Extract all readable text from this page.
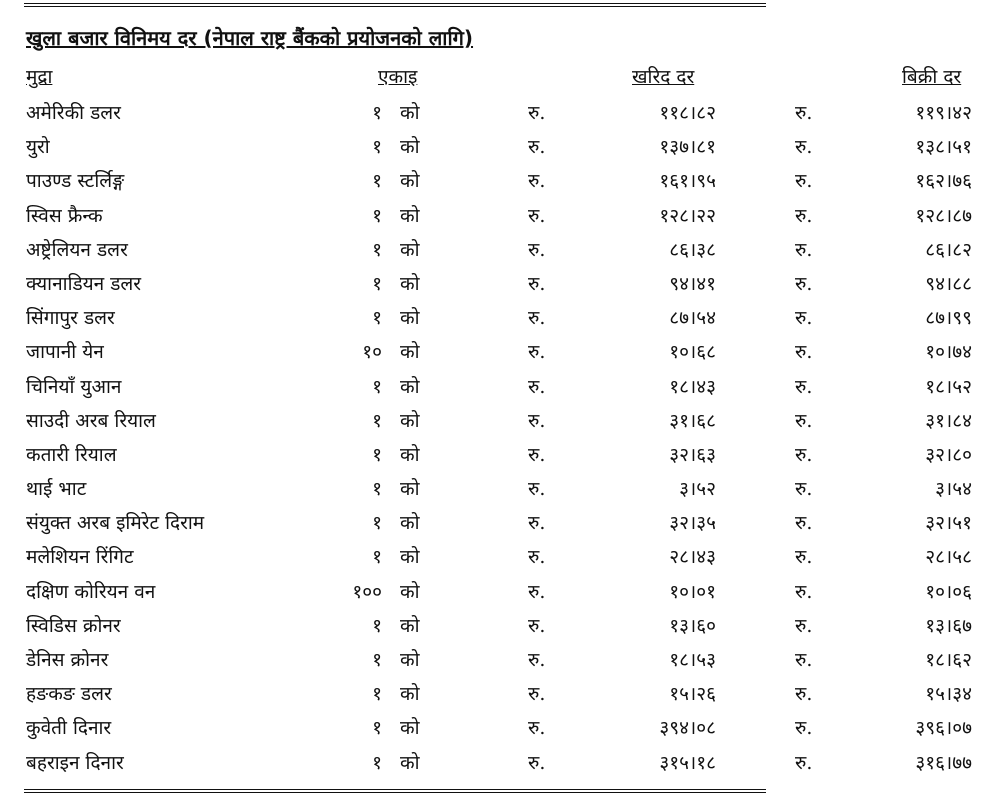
खुला बजार विनिमय दर (नेपाल राष्ट्र बैंकको प्रयोजनको लागि)
मुद्रा	एकाइ	खरिद दर	बिक्री दर
अमेरिकी डलर	१ को	रु.	११८।८२	रु.	११९।४२
युरो	१ को	रु.	१३७।८१	रु.	१३८।५१
पाउण्ड स्टर्लिङ्ग	१ को	रु.	१६१।९५	रु.	१६२।७६
स्विस फ्रैन्क	१ को	रु.	१२८।२२	रु.	१२८।८७
अष्ट्रेलियन डलर	१ को	रु.	८६।३८	रु.	८६।८२
क्यानाडियन डलर	१ को	रु.	९४।४१	रु.	९४।८८
सिंगापुर डलर	१ को	रु.	८७।५४	रु.	८७।९९
जापानी येन	१० को	रु.	१०।६८	रु.	१०।७४
चिनियाँ युआन	१ को	रु.	१८।४३	रु.	१८।५२
साउदी अरब रियाल	१ को	रु.	३१।६८	रु.	३१।८४
कतारी रियाल	१ को	रु.	३२।६३	रु.	३२।८०
थाई भाट	१ को	रु.	३।५२	रु.	३।५४
संयुक्त अरब इमिरेट दिराम	१ को	रु.	३२।३५	रु.	३२।५१
मलेशियन रिंगिट	१ को	रु.	२८।४३	रु.	२८।५८
दक्षिण कोरियन वन	१०० को	रु.	१०।०१	रु.	१०।०६
स्विडिस क्रोनर	१ को	रु.	१३।६०	रु.	१३।६७
डेनिस क्रोनर	१ को	रु.	१८।५३	रु.	१८।६२
हङकङ डलर	१ को	रु.	१५।२६	रु.	१५।३४
कुवेती दिनार	१ को	रु.	३९४।०८	रु.	३९६।०७
बहराइन दिनार	१ को	रु.	३१५।१८	रु.	३१६।७७
